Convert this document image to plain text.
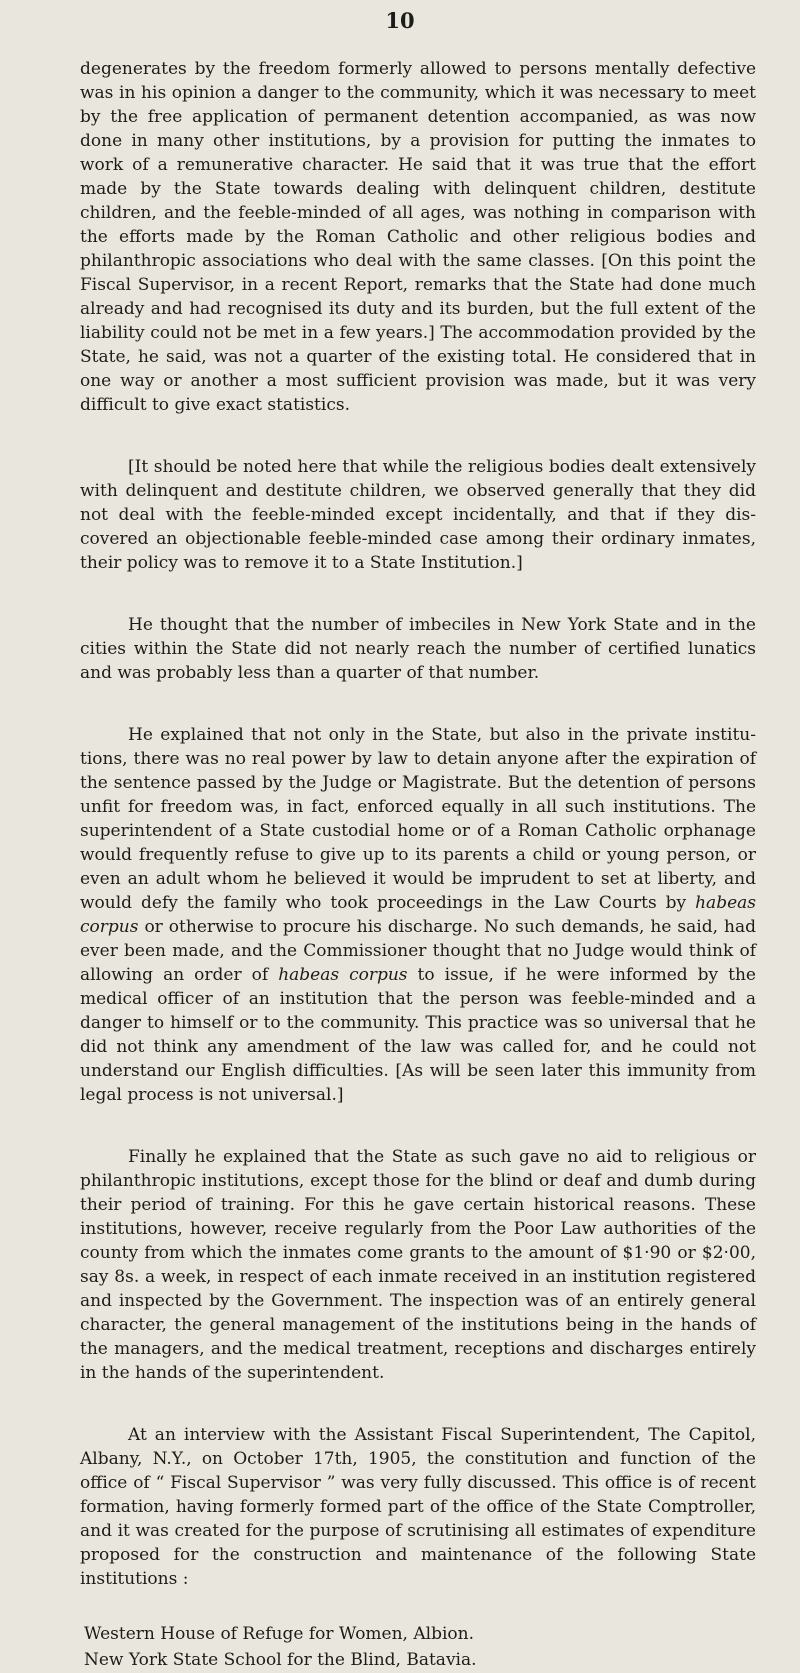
10

degenerates by the freedom formerly allowed to persons mentally defective was in his opinion a danger to the community, which it was necessary to meet by the free application of permanent detention accompanied, as was now done in many other institutions, by a provision for putting the inmates to work of a remunerative character. He said that it was true that the effort made by the State towards dealing with delinquent children, destitute children, and the feeble-minded of all ages, was nothing in comparison with the efforts made by the Roman Catholic and other religious bodies and philanthropic associations who deal with the same classes. [On this point the Fiscal Supervisor, in a recent Report, remarks that the State had done much already and had recognised its duty and its burden, but the full extent of the liability could not be met in a few years.] The accommodation provided by the State, he said, was not a quarter of the existing total. He considered that in one way or another a most sufficient provision was made, but it was very difficult to give exact statistics.

[It should be noted here that while the religious bodies dealt extensively with delinquent and destitute children, we observed generally that they did not deal with the feeble-minded except incidentally, and that if they discovered an objectionable feeble-minded case among their ordinary inmates, their policy was to remove it to a State Institution.]

He thought that the number of imbeciles in New York State and in the cities within the State did not nearly reach the number of certified lunatics and was probably less than a quarter of that number.

He explained that not only in the State, but also in the private institutions, there was no real power by law to detain anyone after the expiration of the sentence passed by the Judge or Magistrate. But the detention of persons unfit for freedom was, in fact, enforced equally in all such institutions. The superintendent of a State custodial home or of a Roman Catholic orphanage would frequently refuse to give up to its parents a child or young person, or even an adult whom he believed it would be imprudent to set at liberty, and would defy the family who took proceedings in the Law Courts by habeas corpus or otherwise to procure his discharge. No such demands, he said, had ever been made, and the Commissioner thought that no Judge would think of allowing an order of habeas corpus to issue, if he were informed by the medical officer of an institution that the person was feeble-minded and a danger to himself or to the community. This practice was so universal that he did not think any amendment of the law was called for, and he could not understand our English difficulties. [As will be seen later this immunity from legal process is not universal.]

Finally he explained that the State as such gave no aid to religious or philanthropic institutions, except those for the blind or deaf and dumb during their period of training. For this he gave certain historical reasons. These institutions, however, receive regularly from the Poor Law authorities of the county from which the inmates come grants to the amount of $1·90 or $2·00, say 8s. a week, in respect of each inmate received in an institution registered and inspected by the Government. The inspection was of an entirely general character, the general management of the institutions being in the hands of the managers, and the medical treatment, receptions and discharges entirely in the hands of the superintendent.

At an interview with the Assistant Fiscal Superintendent, The Capitol, Albany, N.Y., on October 17th, 1905, the constitution and function of the office of “ Fiscal Supervisor ” was very fully discussed. This office is of recent formation, having formerly formed part of the office of the State Comptroller, and it was created for the purpose of scrutinising all estimates of expenditure proposed for the construction and maintenance of the following State institutions :

Western House of Refuge for Women, Albion.
New York State School for the Blind, Batavia.
